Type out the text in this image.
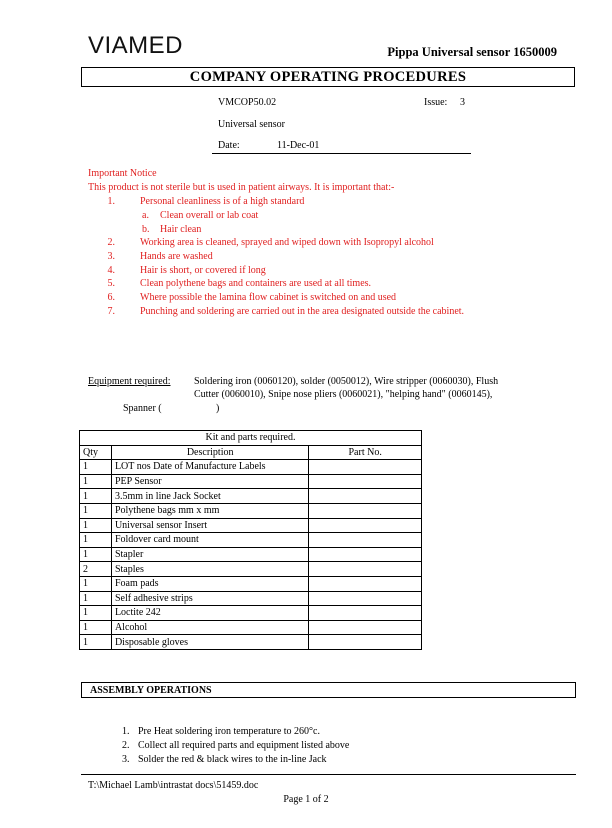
VIAMED	Pippa Universal sensor 1650009
COMPANY OPERATING PROCEDURES
VMCOP50.02	Issue: 3
Universal sensor
Date:	11-Dec-01
Important Notice
This product is not sterile but is used in patient airways. It is important that:-
1.	Personal cleanliness is of a high standard
a. Clean overall or lab coat
b. Hair clean
2.	Working area is cleaned, sprayed and wiped down with Isopropyl alcohol
3.	Hands are washed
4.	Hair is short, or covered if long
5.	Clean polythene bags and containers are used at all times.
6.	Where possible the lamina flow cabinet is switched on and used
7.	Punching and soldering are carried out in the area designated outside the cabinet.
Equipment required: Soldering iron (0060120), solder (0050012), Wire stripper (0060030), Flush
Cutter (0060010), Snipe nose pliers (0060021), "helping hand" (0060145),
Spanner (	)
Kit and parts required.		
Qty	Description	Part No.
1	LOT nos Date of Manufacture Labels	
1	PEP Sensor	
1	3.5mm in line Jack Socket	
1	Polythene bags mm x mm	
1	Universal sensor Insert	
1	Foldover card mount	
1	Stapler	
2	Staples	
1	Foam pads	
1	Self adhesive strips	
1	Loctite 242	
1	Alcohol	
1	Disposable gloves	
ASSEMBLY OPERATIONS
1. Pre Heat soldering iron temperature to 260°c.
2. Collect all required parts and equipment listed above
3. Solder the red & black wires to the in-line Jack
T:\Michael Lamb\intrastat docs\51459.doc
Page 1 of 2
